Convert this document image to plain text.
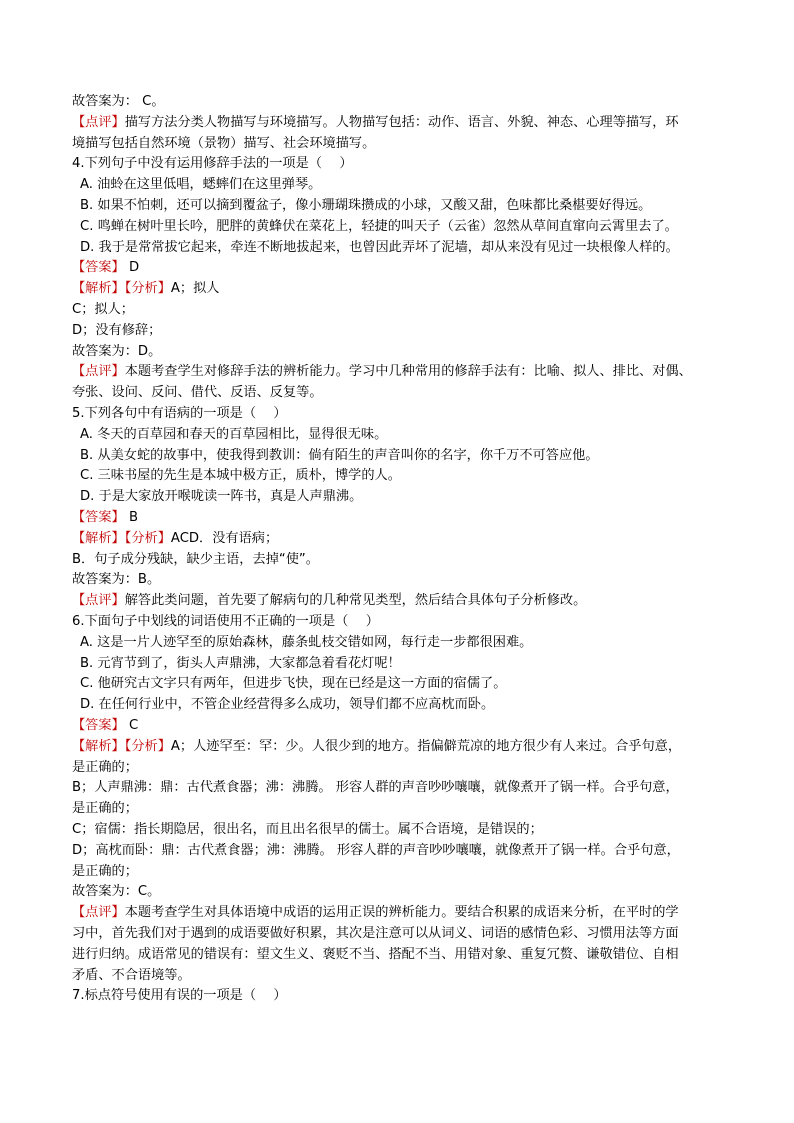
故答案为： C。
【点评】描写方法分类人物描写与环境描写。人物描写包括：动作、语言、外貌、神态、心理等描写，环
境描写包括自然环境（景物）描写、社会环境描写。
4.下列句子中没有运用修辞手法的一项是（　 ）
A. 油蛉在这里低唱，蟋蟀们在这里弹琴。
B. 如果不怕刺，还可以摘到覆盆子，像小珊瑚珠攒成的小球，又酸又甜，色味都比桑椹要好得远。
C. 鸣蝉在树叶里长吟，肥胖的黄蜂伏在菜花上，轻捷的叫天子（云雀）忽然从草间直窜向云霄里去了。
D. 我于是常常拔它起来，牵连不断地拔起来，也曾因此弄坏了泥墙，却从来没有见过一块根像人样的。
【答案】 D
【解析】【分析】A；拟人
C；拟人；
D；没有修辞；
故答案为：D。
【点评】本题考查学生对修辞手法的辨析能力。学习中几种常用的修辞手法有：比喻、拟人、排比、对偶、
夸张、设问、反问、借代、反语、反复等。
5.下列各句中有语病的一项是（　 ）
A. 冬天的百草园和春天的百草园相比，显得很无味。
B. 从美女蛇的故事中，使我得到教训：倘有陌生的声音叫你的名字，你千万不可答应他。
C. 三味书屋的先生是本城中极方正，质朴，博学的人。
D. 于是大家放开喉咙读一阵书，真是人声鼎沸。
【答案】 B
【解析】【分析】ACD．没有语病；
B．句子成分残缺，缺少主语，去掉“使”。
故答案为：B。
【点评】解答此类问题，首先要了解病句的几种常见类型，然后结合具体句子分析修改。
6.下面句子中划线的词语使用不正确的一项是（　 ）
A. 这是一片人迹罕至的原始森林，藤条虬枝交错如网，每行走一步都很困难。
B. 元宵节到了，街头人声鼎沸，大家都急着看花灯呢！
C. 他研究古文字只有两年，但进步飞快，现在已经是这一方面的宿儒了。
D. 在任何行业中，不管企业经营得多么成功，领导们都不应高枕而卧。
【答案】 C
【解析】【分析】A；人迹罕至：罕：少。人很少到的地方。指偏僻荒凉的地方很少有人来过。合乎句意，
是正确的；
B；人声鼎沸：鼎：古代煮食器；沸：沸腾。 形容人群的声音吵吵嚷嚷，就像煮开了锅一样。合乎句意，
是正确的；
C；宿儒：指长期隐居，很出名，而且出名很早的儒士。属不合语境，是错误的；
D；高枕而卧：鼎：古代煮食器；沸：沸腾。 形容人群的声音吵吵嚷嚷，就像煮开了锅一样。合乎句意，
是正确的；
故答案为：C。
【点评】本题考查学生对具体语境中成语的运用正误的辨析能力。要结合积累的成语来分析，在平时的学
习中，首先我们对于遇到的成语要做好积累，其次是注意可以从词义、词语的感情色彩、习惯用法等方面
进行归纳。成语常见的错误有：望文生义、褒贬不当、搭配不当、用错对象、重复冗赘、谦敬错位、自相
矛盾、不合语境等。
7.标点符号使用有误的一项是（　 ）
